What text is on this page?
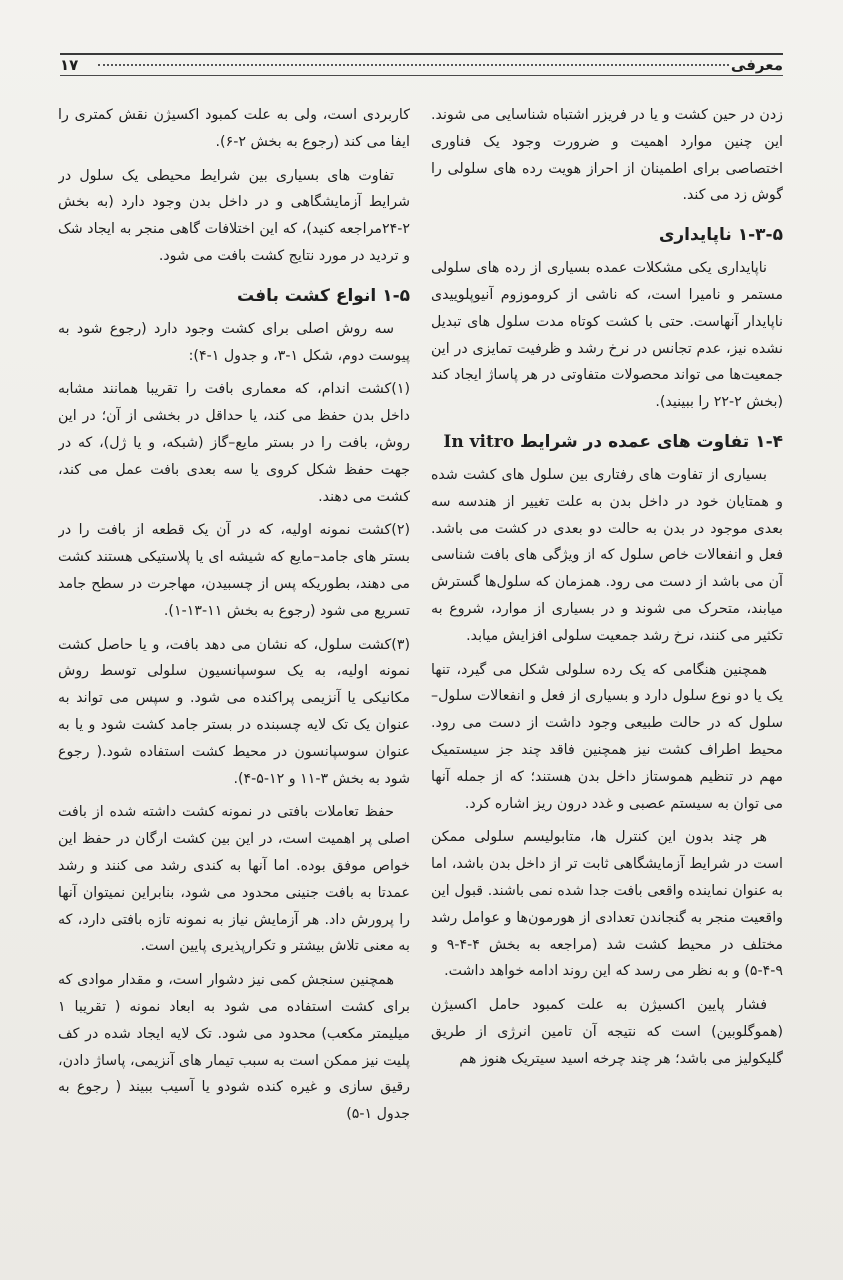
معرفی
۱۷

زدن در حین کشت و یا در فریزر اشتباه شناسایی می شوند. این چنین موارد اهمیت و ضرورت وجود یک فناوری اختصاصی برای اطمینان از احراز هویت رده های سلولی را گوش زد می کند.

۱-۳-۵ناپایداری

ناپایداری یکی مشکلات عمده بسیاری از رده های سلولی مستمر و نامیرا است، که ناشی از کروموزوم آنیوپلوییدی ناپایدار آنهاست. حتی با کشت کوتاه مدت سلول های تبدیل نشده نیز، عدم تجانس در نرخ رشد و ظرفیت تمایزی در این جمعیت‌ها می تواند محصولات متفاوتی در هر پاساژ ایجاد کند (بخش ۲-۲۲ را ببینید).

۱-۴تفاوت های عمده در شرایط In vitro

بسیاری از تفاوت های رفتاری بین سلول های کشت شده و همتایان خود در داخل بدن به علت تغییر از هندسه سه بعدی موجود در بدن به حالت دو بعدی در کشت می باشد. فعل و انفعالات خاص سلول که از ویژگی های بافت شناسی آن می باشد از دست می رود. همزمان که سلول‌ها گسترش میابند، متحرک می شوند و در بسیاری از موارد، شروع به تکثیر می کنند، نرخ رشد جمعیت سلولی افزایش میابد.

همچنین هنگامی که یک رده سلولی شکل می گیرد، تنها یک یا دو نوع سلول دارد و بسیاری از فعل و انفعالات سلول–سلول که در حالت طبیعی وجود داشت از دست می رود. محیط اطراف کشت نیز همچنین فاقد چند جز سیستمیک مهم در تنظیم هموستاز داخل بدن هستند؛ که از جمله آنها می توان به سیستم عصبی و غدد درون ریز اشاره کرد.

هر چند بدون این کنترل ها، متابولیسم سلولی ممکن است در شرایط آزمایشگاهی ثابت تر از داخل بدن باشد، اما به عنوان نماینده واقعی بافت جدا شده نمی باشند. قبول این واقعیت منجر به گنجاندن تعدادی از هورمون‌ها و عوامل رشد مختلف در محیط کشت شد (مراجعه به بخش ۴-۴-۹ و ۹-۴-۵) و به نظر می رسد که این روند ادامه خواهد داشت.

فشار پایین اکسیژن به علت کمبود حامل اکسیژن (هموگلوبین) است که نتیجه آن تامین انرژی از طریق گلیکولیز می باشد؛ هر چند چرخه اسید سیتریک هنوز هم

کاربردی است، ولی به علت کمبود اکسیژن نقش کمتری را ایفا می کند (رجوع به بخش ۲-۶).

تفاوت های بسیاری بین شرایط محیطی یک سلول در شرایط آزمایشگاهی و در داخل بدن وجود دارد (به بخش ۲-۲۴مراجعه کنید)، که این اختلافات گاهی منجر به ایجاد شک و تردید در مورد نتایج کشت بافت می شود.

۱-۵انواع کشت بافت

سه روش اصلی برای کشت وجود دارد (رجوع شود به پیوست دوم، شکل ۱-۳، و جدول ۱-۴):

(۱)کشت اندام، که معماری بافت را تقریبا همانند مشابه داخل بدن حفظ می کند، یا حداقل در بخشی از آن؛ در این روش، بافت را در بستر مایع–گاز (شبکه، و یا ژل)، که در جهت حفظ شکل کروی یا سه بعدی بافت عمل می کند، کشت می دهند.

(۲)کشت نمونه اولیه، که در آن یک قطعه از بافت را در بستر های جامد–مایع که شیشه ای یا پلاستیکی هستند کشت می دهند، بطوریکه پس از چسبیدن، مهاجرت در سطح جامد تسریع می شود (رجوع به بخش ۱۱-۱۳-۱).

(۳)کشت سلول، که نشان می دهد بافت، و یا حاصل کشت نمونه اولیه، به یک سوسپانسیون سلولی توسط روش مکانیکی یا آنزیمی پراکنده می شود. و سپس می تواند به عنوان یک تک لایه چسبنده در بستر جامد کشت شود و یا به عنوان سوسپانسون در محیط کشت استفاده شود.( رجوع شود به بخش ۳-۱۱ و ۱۲-۵-۴).

حفظ تعاملات بافتی در نمونه کشت داشته شده از بافت اصلی پر اهمیت است، در این بین کشت ارگان در حفظ این خواص موفق بوده. اما آنها به کندی رشد می کنند و رشد عمدتا به بافت جنینی محدود می شود، بنابراین نمیتوان آنها را پرورش داد. هر آزمایش نیاز به نمونه تازه بافتی دارد، که به معنی تلاش بیشتر و تکرارپذیری پایین است.

همچنین سنجش کمی نیز دشوار است، و مقدار موادی که برای کشت استفاده می شود به ابعاد نمونه ( تقریبا ۱ میلیمتر مکعب) محدود می شود. تک لایه ایجاد شده در کف پلیت نیز ممکن است به سبب تیمار های آنزیمی، پاساژ دادن، رقیق سازی و غیره کنده شودو یا آسیب ببیند ( رجوع به جدول ۱-۵)
